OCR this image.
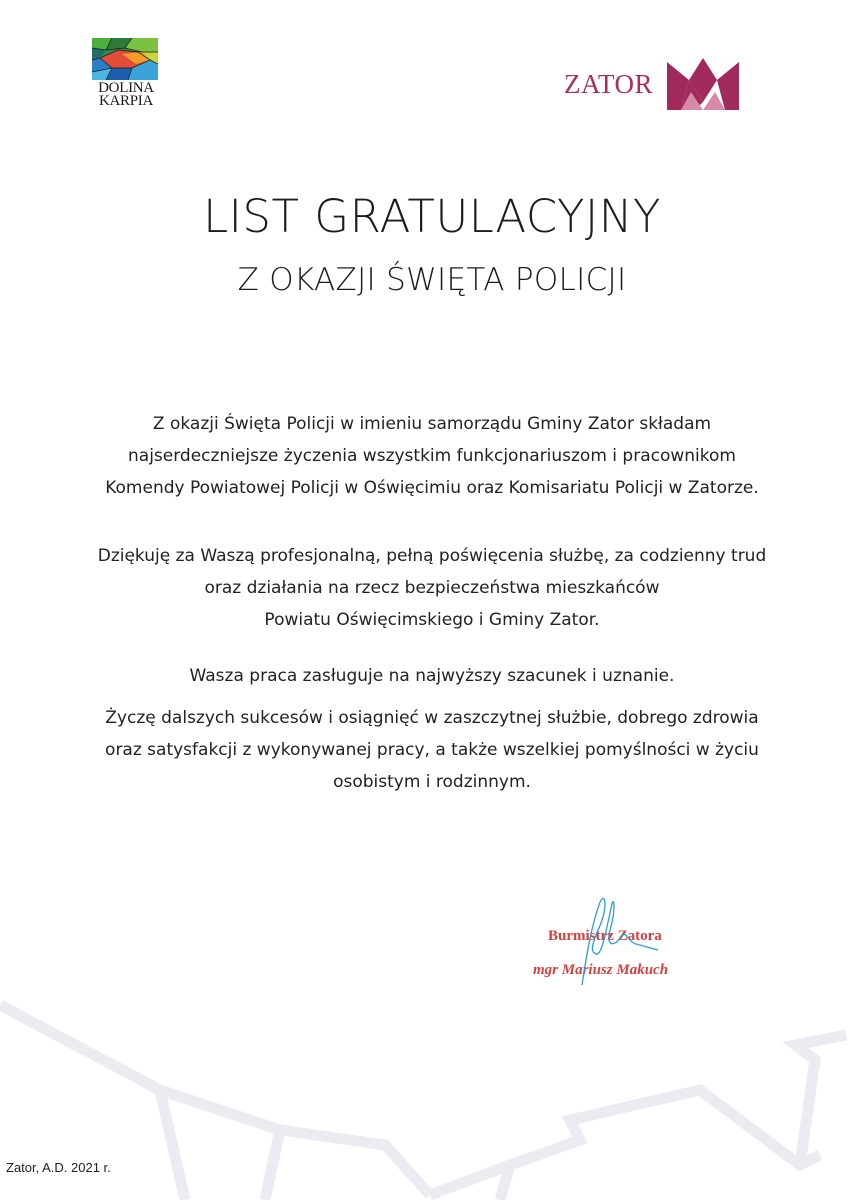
DOLINA
KARPIA
ZATOR
LIST GRATULACYJNY
Z OKAZJI ŚWIĘTA POLICJI
Z okazji Święta Policji w imieniu samorządu Gminy Zator składam
najserdeczniejsze życzenia wszystkim funkcjonariuszom i pracownikom
Komendy Powiatowej Policji w Oświęcimiu oraz Komisariatu Policji w Zatorze.
Dziękuję za Waszą profesjonalną, pełną poświęcenia służbę, za codzienny trud
oraz działania na rzecz bezpieczeństwa mieszkańców
Powiatu Oświęcimskiego i Gminy Zator.
Wasza praca zasługuje na najwyższy szacunek i uznanie.
Życzę dalszych sukcesów i osiągnięć w zaszczytnej służbie, dobrego zdrowia
oraz satysfakcji z wykonywanej pracy, a także wszelkiej pomyślności w życiu
osobistym i rodzinnym.
Burmistrz Zatora
mgr Mariusz Makuch
Zator, A.D. 2021 r.
